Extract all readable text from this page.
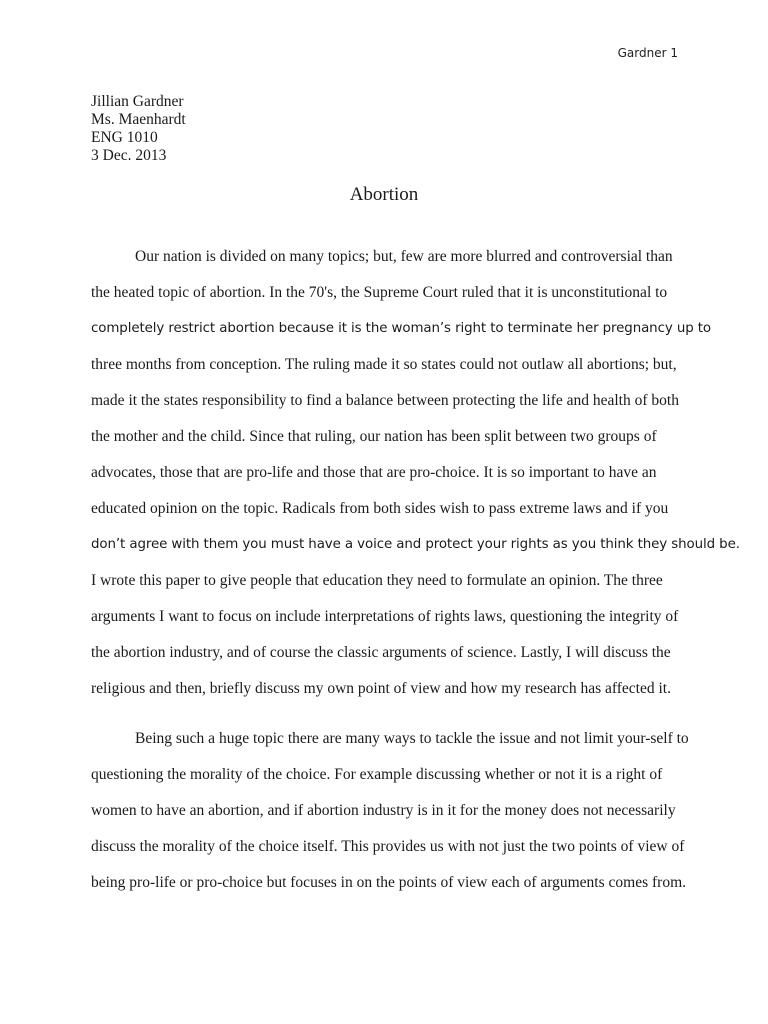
Gardner 1
Jillian Gardner
Ms. Maenhardt
ENG 1010
3 Dec. 2013
Abortion
Our nation is divided on many topics; but, few are more blurred and controversial than
the heated topic of abortion. In the 70's, the Supreme Court ruled that it is unconstitutional to
completely restrict abortion because it is the woman’s right to terminate her pregnancy up to
three months from conception. The ruling made it so states could not outlaw all abortions; but,
made it the states responsibility to find a balance between protecting the life and health of both
the mother and the child. Since that ruling, our nation has been split between two groups of
advocates, those that are pro-life and those that are pro-choice. It is so important to have an
educated opinion on the topic. Radicals from both sides wish to pass extreme laws and if you
don’t agree with them you must have a voice and protect your rights as you think they should be.
I wrote this paper to give people that education they need to formulate an opinion. The three
arguments I want to focus on include interpretations of rights laws, questioning the integrity of
the abortion industry, and of course the classic arguments of science. Lastly, I will discuss the
religious and then, briefly discuss my own point of view and how my research has affected it.
Being such a huge topic there are many ways to tackle the issue and not limit your-self to
questioning the morality of the choice. For example discussing whether or not it is a right of
women to have an abortion, and if abortion industry is in it for the money does not necessarily
discuss the morality of the choice itself. This provides us with not just the two points of view of
being pro-life or pro-choice but focuses in on the points of view each of arguments comes from.
